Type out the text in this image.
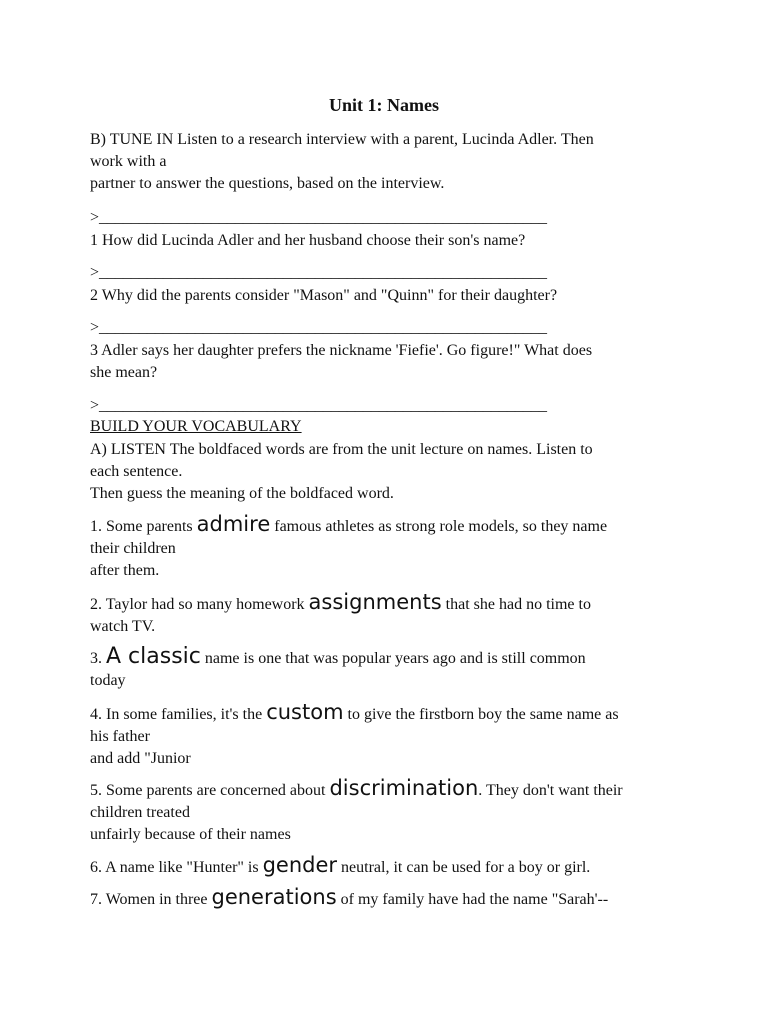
Unit 1: Names
B) TUNE IN Listen to a research interview with a parent, Lucinda Adler. Then
work with a
partner to answer the questions, based on the interview.
>________________________________________________________
1 How did Lucinda Adler and her husband choose their son's name?
>________________________________________________________
2 Why did the parents consider "Mason" and "Quinn" for their daughter?
>________________________________________________________
3 Adler says her daughter prefers the nickname 'Fiefie'. Go figure!" What does
she mean?
>________________________________________________________
BUILD YOUR VOCABULARY
A) LISTEN The boldfaced words are from the unit lecture on names. Listen to
each sentence.
Then guess the meaning of the boldfaced word.
1. Some parents admire famous athletes as strong role models, so they name
their children
after them.
2. Taylor had so many homework assignments that she had no time to
watch TV.
3. A classic name is one that was popular years ago and is still common
today
4. In some families, it's the custom to give the firstborn boy the same name as
his father
and add "Junior
5. Some parents are concerned about discrimination. They don't want their
children treated
unfairly because of their names
6. A name like "Hunter" is gender neutral, it can be used for a boy or girl.
7. Women in three generations of my family have had the name "Sarah'--
